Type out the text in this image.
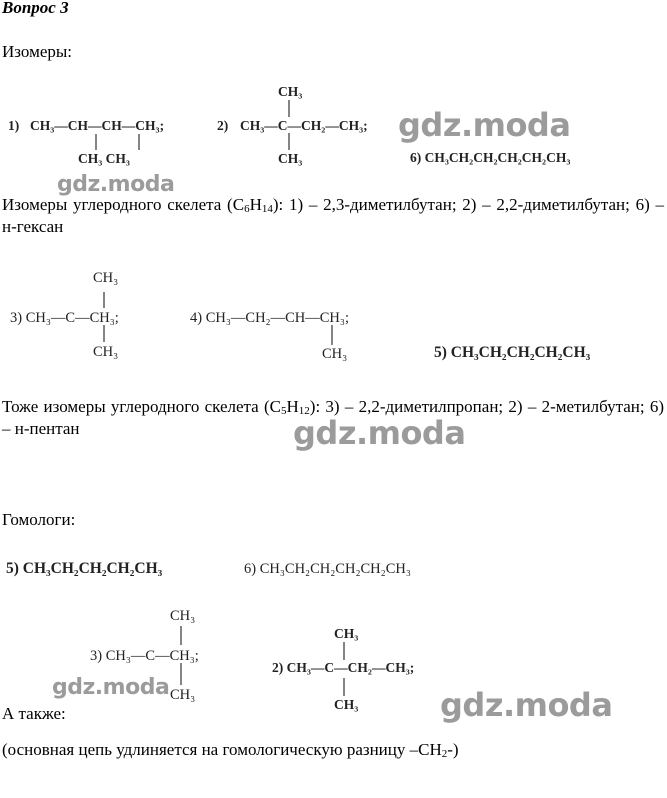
Вопрос 3
Изомеры:
1) CH₃—CH—CH—CH₃;
CH₃ CH₃
2)
CH₃
CH₃—C—CH₂—CH₃;
CH₃	6) CH₃CH₂CH₂CH₂CH₂CH₃
gdz.moda
gdz.moda
Изомеры углеродного скелета $(C_6H_{14})$: 1) – 2,3-диметилбутан; 2) – 2,2-диметилбутан; 6) – н-гексан
CH₃
3) CH₃—C—CH₃;
CH₃
4) CH₃—CH₂—CH—CH₃;
CH₃	5) CH₃CH₂CH₂CH₂CH₃
Тоже изомеры углеродного скелета $(C_5H_{12})$: 3) – 2,2-диметилпропан; 2) – 2-метилбутан; 6) – н-пентан	gdz.moda
Гомологи:
5) CH₃CH₂CH₂CH₂CH₃	6) CH₃CH₂CH₂CH₂CH₂CH₃
CH₃
3) CH₃—C—CH₃;
CH₃
CH₃
2) CH₃—C—CH₂—CH₃;
CH₃
gdz.moda	gdz.moda
А также:
(основная цепь удлиняется на гомологическую разницу $-CH_2-$)
